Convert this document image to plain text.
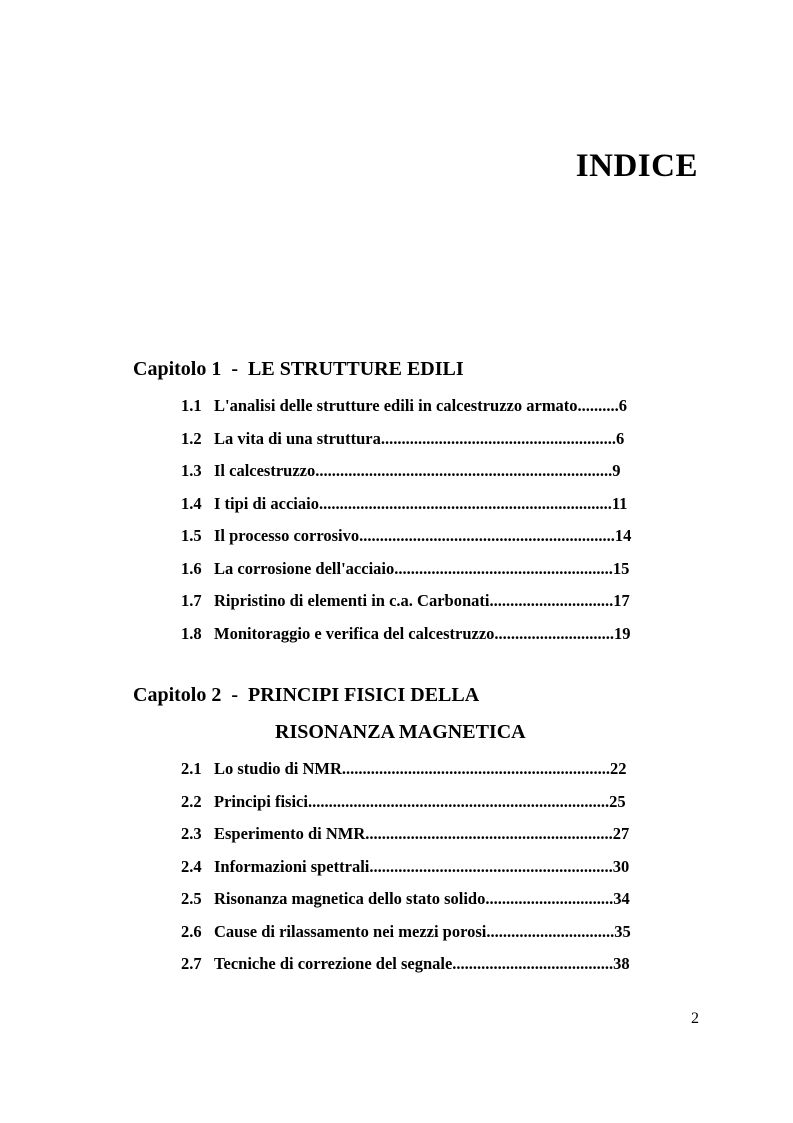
INDICE
Capitolo 1  -  LE STRUTTURE EDILI
1.1 L'analisi delle strutture edili in calcestruzzo armato..........6
1.2 La vita di una struttura.........................................................6
1.3 Il calcestruzzo........................................................................9
1.4 I tipi di acciaio.......................................................................11
1.5 Il processo corrosivo..............................................................14
1.6 La corrosione dell'acciaio.....................................................15
1.7 Ripristino di elementi in c.a. Carbonati..............................17
1.8 Monitoraggio e verifica del calcestruzzo.............................19
Capitolo 2  -  PRINCIPI FISICI DELLA
RISONANZA MAGNETICA
2.1 Lo studio di NMR.................................................................22
2.2 Principi fisici.........................................................................25
2.3 Esperimento di NMR............................................................27
2.4 Informazioni spettrali...........................................................30
2.5 Risonanza magnetica dello stato solido...............................34
2.6 Cause di rilassamento nei mezzi porosi...............................35
2.7 Tecniche di correzione del segnale.......................................38
2
